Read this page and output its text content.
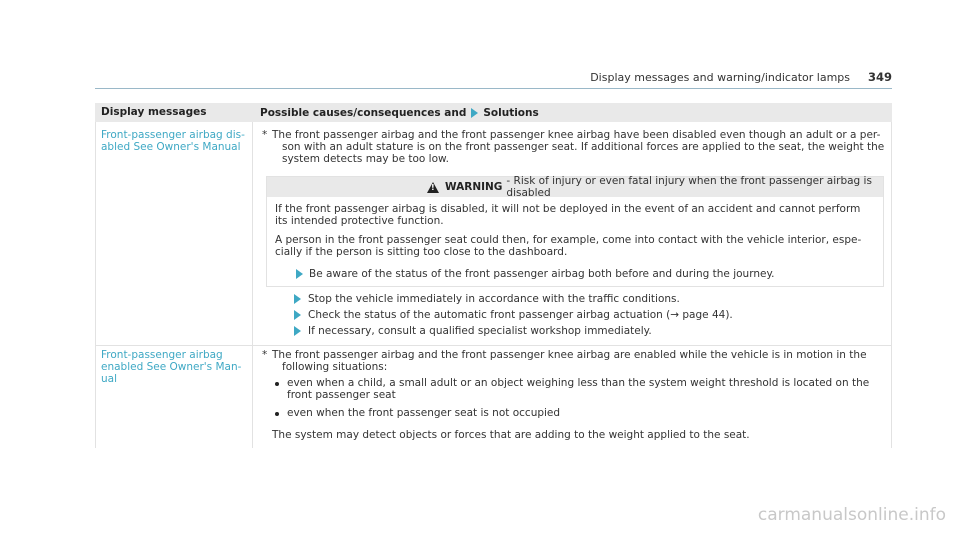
Display messages and warning/indicator lamps 349
Display messages	Possible causes/consequences and Solutions
Front-passenger airbag dis-
abled See Owner's Manual
* The front passenger airbag and the front passenger knee airbag have been disabled even though an adult or a per-
son with an adult stature is on the front passenger seat. If additional forces are applied to the seat, the weight the
system detects may be too low.
!
WARNING - Risk of injury or even fatal injury when the front passenger airbag is disabled
If the front passenger airbag is disabled, it will not be deployed in the event of an accident and cannot perform
its intended protective function.
A person in the front passenger seat could then, for example, come into contact with the vehicle interior, espe-
cially if the person is sitting too close to the dashboard.
Be aware of the status of the front passenger airbag both before and during the journey.
Stop the vehicle immediately in accordance with the traffic conditions.
Check the status of the automatic front passenger airbag actuation (→ page 44).
If necessary, consult a qualified specialist workshop immediately.
Front-passenger airbag
enabled See Owner's Man-
ual
* The front passenger airbag and the front passenger knee airbag are enabled while the vehicle is in motion in the
following situations:
even when a child, a small adult or an object weighing less than the system weight threshold is located on the
front passenger seat
even when the front passenger seat is not occupied
The system may detect objects or forces that are adding to the weight applied to the seat.
carmanualsonline.info
